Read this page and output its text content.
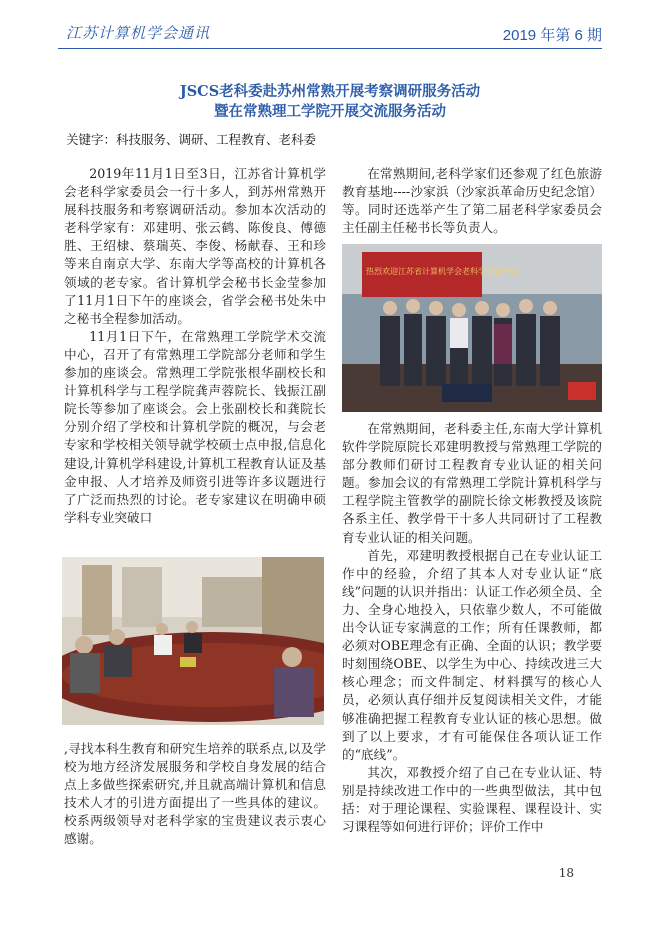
江苏计算机学会通讯	2019 年第 6 期
JSCS老科委赴苏州常熟开展考察调研服务活动
暨在常熟理工学院开展交流服务活动
关键字：科技服务、调研、工程教育、老科委

2019年11月1日至3日，江苏省计算机学会老科学家委员会一行十多人，到苏州常熟开展科技服务和考察调研活动。参加本次活动的老科学家有：邓建明、张云鹤、陈俊良、傅德胜、王绍棣、蔡瑞英、李俊、杨献春、王和珍等来自南京大学、东南大学等高校的计算机各领域的老专家。省计算机学会秘书长金莹参加了11月1日下午的座谈会，省学会秘书处朱中之秘书全程参加活动。

11月1日下午，在常熟理工学院学术交流中心，召开了有常熟理工学院部分老师和学生参加的座谈会。常熟理工学院张根华副校长和计算机科学与工程学院龚声蓉院长、钱振江副院长等参加了座谈会。会上张副校长和龚院长分别介绍了学校和计算机学院的概况，与会老专家和学校相关领导就学校硕士点申报,信息化建设,计算机学科建设,计算机工程教育认证及基金申报、人才培养及师资引进等许多议题进行了广泛而热烈的讨论。老专家建议在明确申硕学科专业突破口

,寻找本科生教育和研究生培养的联系点,以及学校为地方经济发展服务和学校自身发展的结合点上多做些探索研究,并且就高端计算机和信息技术人才的引进方面提出了一些具体的建议。校系两级领导对老科学家的宝贵建议表示衷心感谢。

在常熟期间,老科学家们还参观了红色旅游教育基地----沙家浜（沙家浜革命历史纪念馆）等。同时还选举产生了第二届老科学家委员会主任副主任秘书长等负责人。

热烈欢迎江苏省计算机学会老科学家服务团

在常熟期间，老科委主任,东南大学计算机软件学院原院长邓建明教授与常熟理工学院的部分教师们研讨工程教育专业认证的相关问题。参加会议的有常熟理工学院计算机科学与工程学院主管教学的副院长徐文彬教授及该院各系主任、教学骨干十多人共同研讨了工程教育专业认证的相关问题。

首先，邓建明教授根据自己在专业认证工作中的经验，介绍了其本人对专业认证“底线”问题的认识并指出：认证工作必须全员、全力、全身心地投入，只依靠少数人，不可能做出令认证专家满意的工作；所有任课教师，都必须对OBE理念有正确、全面的认识；教学要时刻围绕OBE、以学生为中心、持续改进三大核心理念；而文件制定、材料撰写的核心人员，必须认真仔细并反复阅读相关文件，才能够准确把握工程教育专业认证的核心思想。做到了以上要求，才有可能保住各项认证工作的“底线”。

其次，邓教授介绍了自己在专业认证、特别是持续改进工作中的一些典型做法，其中包括：对于理论课程、实验课程、课程设计、实习课程等如何进行评价；评价工作中

18
